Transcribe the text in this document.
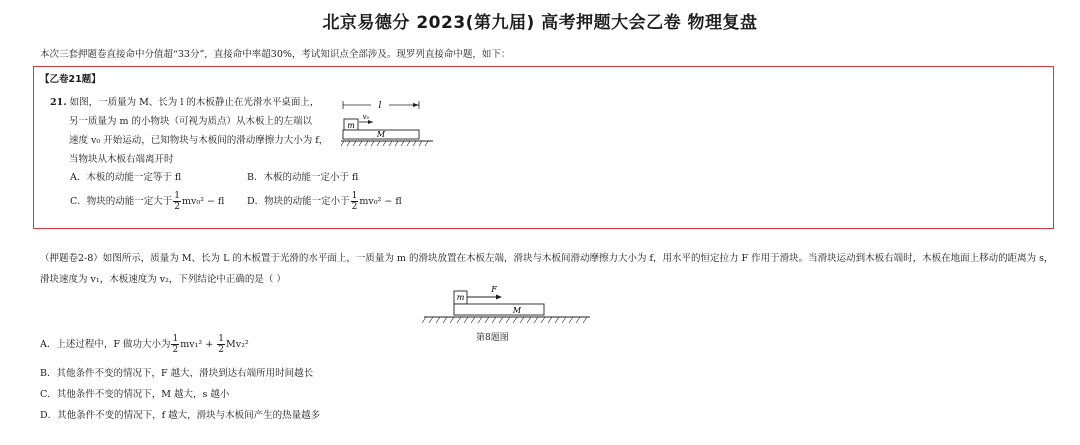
北京易德分 2023(第九届) 高考押题大会乙卷 物理复盘
本次三套押题卷直接命中分值超“33分”，直接命中率超30%，考试知识点全部涉及。现罗列直接命中题，如下：
【乙卷21题】
21. 如图，一质量为 M、长为 l 的木板静止在光滑水平桌面上，
另一质量为 m 的小物块（可视为质点）从木板上的左端以
速度 v₀ 开始运动，已知物块与木板间的滑动摩擦力大小为 f，
当物块从木板右端离开时
l
m
v₀
M
A．木板的动能一定等于 fl	B．木板的动能一定小于 fl
C．物块的动能一定大于 $\frac{1}{2} mv_0^2$ − fl D．物块的动能一定小于 $\frac{1}{2} mv_0^2$ − fl
（押题卷2-8）如图所示，质量为 M、长为 L 的木板置于光滑的水平面上，一质量为 m 的滑块放置在木板左端，滑块与木板间滑动摩擦力大小为 f，用水平的恒定拉力 F 作用于滑块。当滑块运动到木板右端时，木板在地面上移动的距离为 s，滑块速度为 v₁，木板速度为 v₂，下列结论中正确的是（ ）
m
F
M
第8题图
A．上述过程中，F 做功大小为 $\frac{1}{2} mv_1^2 + \frac{1}{2} Mv_2^2$
B．其他条件不变的情况下，F 越大，滑块到达右端所用时间越长
C．其他条件不变的情况下，M 越大，s 越小
D．其他条件不变的情况下，f 越大，滑块与木板间产生的热量越多
